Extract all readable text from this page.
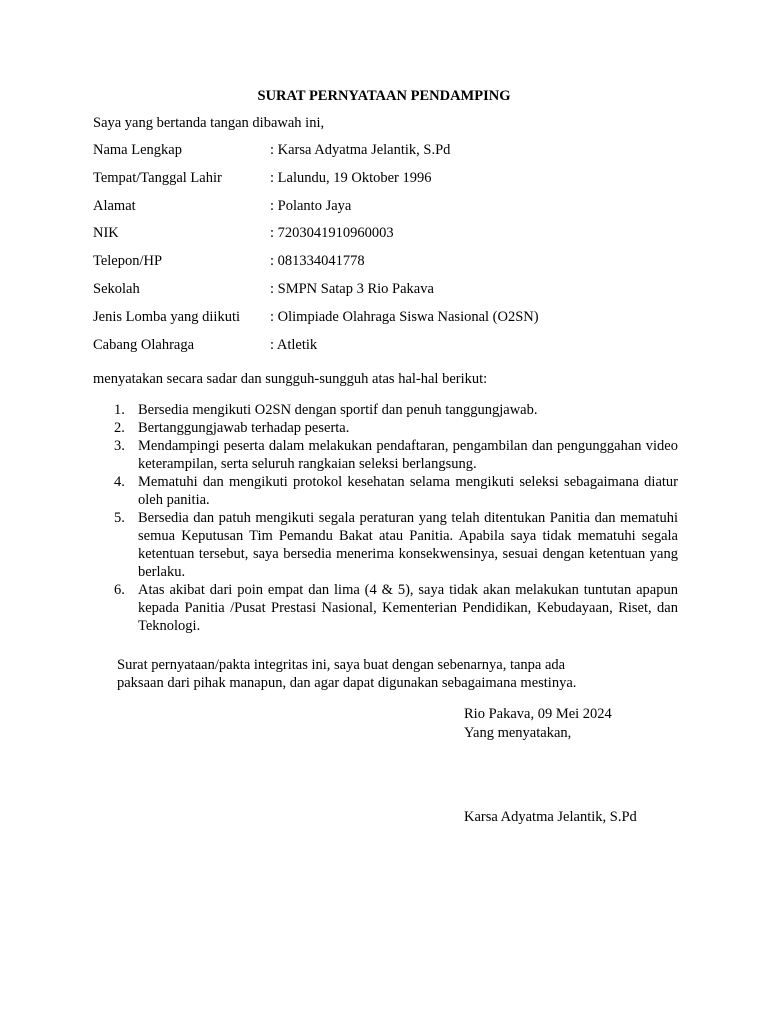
SURAT PERNYATAAN PENDAMPING
Saya yang bertanda tangan dibawah ini,
Nama Lengkap	: Karsa Adyatma Jelantik, S.Pd
Tempat/Tanggal Lahir	: Lalundu, 19 Oktober 1996
Alamat	: Polanto Jaya
NIK	: 7203041910960003
Telepon/HP	: 081334041778
Sekolah	: SMPN Satap 3 Rio Pakava
Jenis Lomba yang diikuti	: Olimpiade Olahraga Siswa Nasional (O2SN)
Cabang Olahraga	: Atletik
menyatakan secara sadar dan sungguh-sungguh atas hal-hal berikut:
1. Bersedia mengikuti O2SN dengan sportif dan penuh tanggungjawab.
2. Bertanggungjawab terhadap peserta.
3. Mendampingi peserta dalam melakukan pendaftaran, pengambilan dan pengunggahan video keterampilan, serta seluruh rangkaian seleksi berlangsung.
4. Mematuhi dan mengikuti protokol kesehatan selama mengikuti seleksi sebagaimana diatur oleh panitia.
5. Bersedia dan patuh mengikuti segala peraturan yang telah ditentukan Panitia dan mematuhi semua Keputusan Tim Pemandu Bakat atau Panitia. Apabila saya tidak mematuhi segala ketentuan tersebut, saya bersedia menerima konsekwensinya, sesuai dengan ketentuan yang berlaku.
6. Atas akibat dari poin empat dan lima (4 & 5), saya tidak akan melakukan tuntutan apapun kepada Panitia /Pusat Prestasi Nasional, Kementerian Pendidikan, Kebudayaan, Riset, dan Teknologi.

Surat pernyataan/pakta integritas ini, saya buat dengan sebenarnya, tanpa ada

paksaan dari pihak manapun, dan agar dapat digunakan sebagaimana mestinya.

Rio Pakava, 09 Mei 2024
Yang menyatakan,
Karsa Adyatma Jelantik, S.Pd
